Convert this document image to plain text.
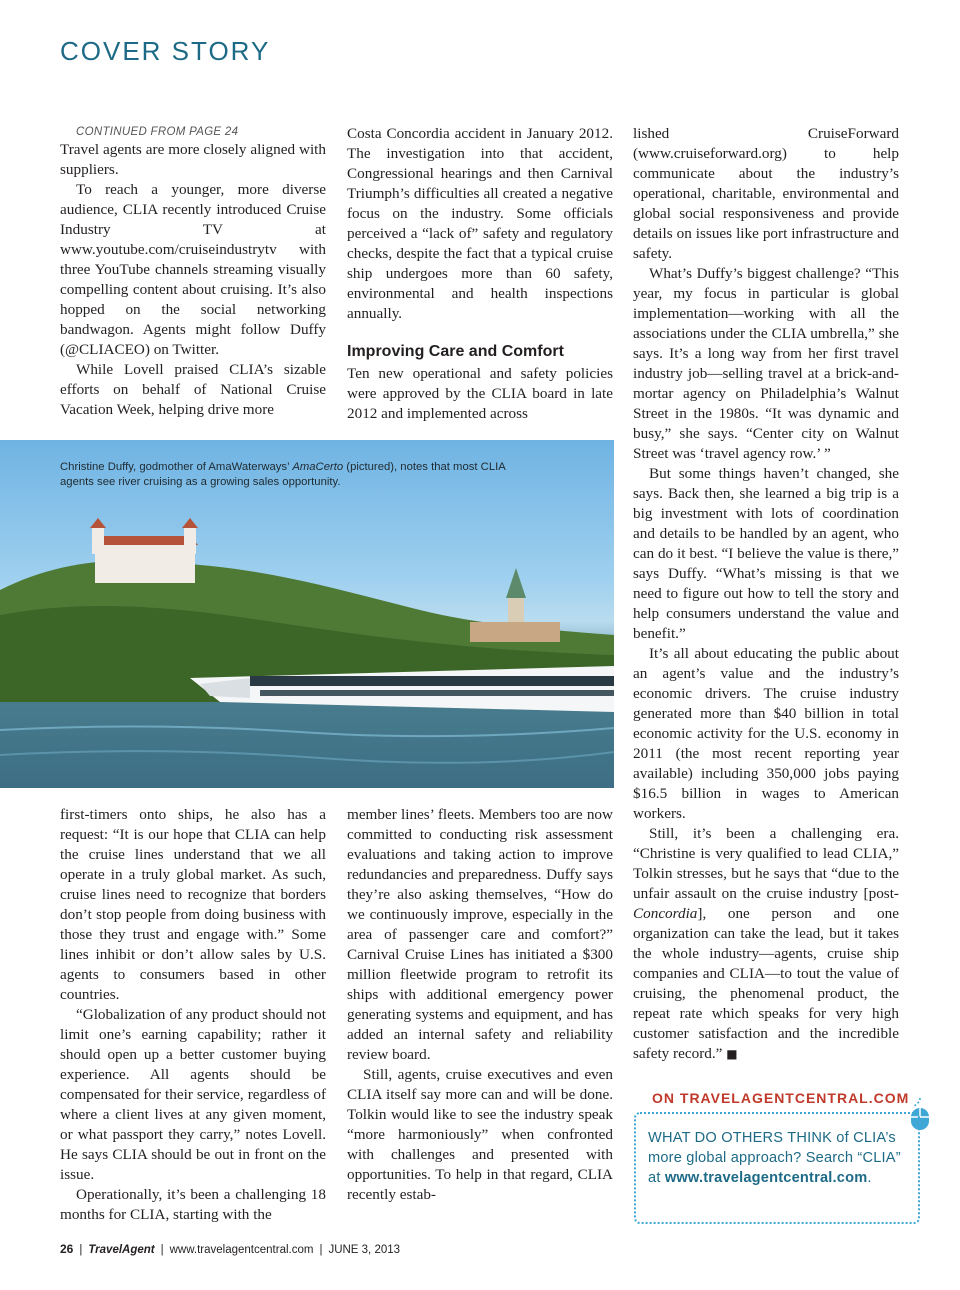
COVER STORY

CONTINUED FROM PAGE 24

Travel agents are more closely aligned with suppliers.

To reach a younger, more diverse audience, CLIA recently introduced Cruise Industry TV at www.youtube.com/cruiseindustrytv with three YouTube channels streaming visually compelling content about cruising. It’s also hopped on the social networking bandwagon. Agents might follow Duffy (@CLIACEO) on Twitter.

While Lovell praised CLIA’s sizable efforts on behalf of National Cruise Vacation Week, helping drive more

Costa Concordia accident in January 2012. The investigation into that accident, Congressional hearings and then Carnival Triumph’s difficulties all created a negative focus on the industry. Some officials perceived a “lack of” safety and regulatory checks, despite the fact that a typical cruise ship undergoes more than 60 safety, environmental and health inspections annually.

Improving Care and Comfort

Ten new operational and safety policies were approved by the CLIA board in late 2012 and implemented across

Christine Duffy, godmother of AmaWaterways’ AmaCerto (pictured), notes that most CLIA agents see river cruising as a growing sales opportunity.

first-timers onto ships, he also has a request: “It is our hope that CLIA can help the cruise lines understand that we all operate in a truly global market. As such, cruise lines need to recognize that borders don’t stop people from doing business with those they trust and engage with.” Some lines inhibit or don’t allow sales by U.S. agents to consumers based in other countries.

“Globalization of any product should not limit one’s earning capability; rather it should open up a better customer buying experience. All agents should be compensated for their service, regardless of where a client lives at any given moment, or what passport they carry,” notes Lovell. He says CLIA should be out in front on the issue.

Operationally, it’s been a challenging 18 months for CLIA, starting with the

member lines’ fleets. Members too are now committed to conducting risk assessment evaluations and taking action to improve redundancies and preparedness. Duffy says they’re also asking themselves, “How do we continuously improve, especially in the area of passenger care and comfort?” Carnival Cruise Lines has initiated a $300 million fleetwide program to retrofit its ships with additional emergency power generating systems and equipment, and has added an internal safety and reliability review board.

Still, agents, cruise executives and even CLIA itself say more can and will be done. Tolkin would like to see the industry speak “more harmoniously” when confronted with challenges and presented with opportunities. To help in that regard, CLIA recently estab-

lished CruiseForward (www.cruiseforward.org) to help communicate about the industry’s operational, charitable, environmental and global social responsiveness and provide details on issues like port infrastructure and safety.

What’s Duffy’s biggest challenge? “This year, my focus in particular is global implementation—working with all the associations under the CLIA umbrella,” she says. It’s a long way from her first travel industry job—selling travel at a brick-and-mortar agency on Philadelphia’s Walnut Street in the 1980s. “It was dynamic and busy,” she says. “Center city on Walnut Street was ‘travel agency row.’ ”

But some things haven’t changed, she says. Back then, she learned a big trip is a big investment with lots of coordination and details to be handled by an agent, who can do it best. “I believe the value is there,” says Duffy. “What’s missing is that we need to figure out how to tell the story and help consumers understand the value and benefit.”

It’s all about educating the public about an agent’s value and the industry’s economic drivers. The cruise industry generated more than $40 billion in total economic activity for the U.S. economy in 2011 (the most recent reporting year available) including 350,000 jobs paying $16.5 billion in wages to American workers.

Still, it’s been a challenging era. “Christine is very qualified to lead CLIA,” Tolkin stresses, but he says that “due to the unfair assault on the cruise industry [post-Concordia], one person and one organization can take the lead, but it takes the whole industry—agents, cruise ship companies and CLIA—to tout the value of cruising, the phenomenal product, the repeat rate which speaks for very high customer satisfaction and the incredible safety record.” ■

ON TRAVELAGENTCENTRAL.COM
WHAT DO OTHERS THINK of CLIA’s more global approach? Search “CLIA” at www.travelagentcentral.com.
26 | TravelAgent | www.travelagentcentral.com | JUNE 3, 2013
